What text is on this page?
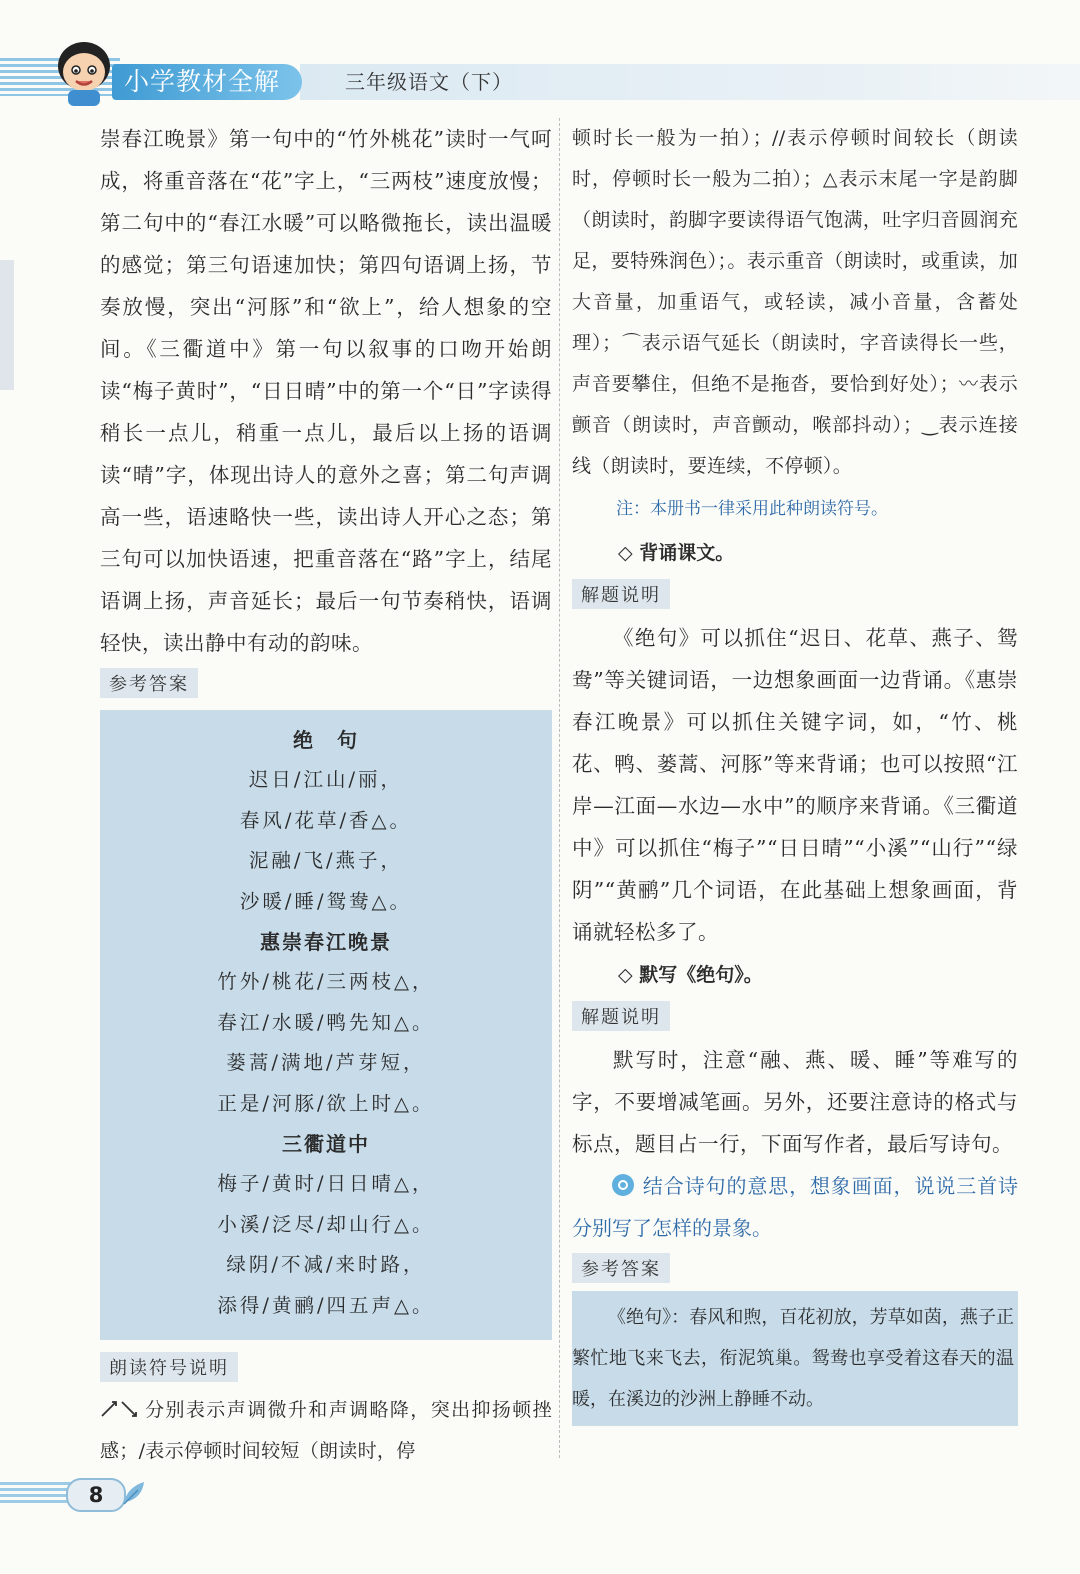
小学教材全解	三年级语文（下）

崇春江晚景》第一句中的“竹外桃花”读时一气呵成，将重音落在“花”字上，“三两枝”速度放慢；第二句中的“春江水暖”可以略微拖长，读出温暖的感觉；第三句语速加快；第四句语调上扬，节奏放慢，突出“河豚”和“欲上”，给人想象的空间。《三衢道中》第一句以叙事的口吻开始朗读“梅子黄时”，“日日晴”中的第一个“日”字读得稍长一点儿，稍重一点儿，最后以上扬的语调读“晴”字，体现出诗人的意外之喜；第二句声调高一些，语速略快一些，读出诗人开心之态；第三句可以加快语速，把重音落在“路”字上，结尾语调上扬，声音延长；最后一句节奏稍快，语调轻快，读出静中有动的韵味。

参考答案
绝　句
迟日/江山/丽，
春风/花草/香△。
泥融/飞/燕子，
沙暖/睡/鸳鸯△。
惠崇春江晚景
竹外/桃花/三两枝△，
春江/水暖/鸭先知△。
蒌蒿/满地/芦芽短，
正是/河豚/欲上时△。
三衢道中
梅子/黄时/日日晴△，
小溪/泛尽/却山行△。
绿阴/不减/来时路，
添得/黄鹂/四五声△。
朗读符号说明

分别表示声调微升和声调略降，突出抑扬顿挫感；/表示停顿时间较短（朗读时，停

顿时长一般为一拍）；//表示停顿时间较长（朗读时，停顿时长一般为二拍）；△表示末尾一字是韵脚（朗读时，韵脚字要读得语气饱满，吐字归音圆润充足，要特殊润色）；。表示重音（朗读时，或重读，加大音量，加重语气，或轻读，减小音量，含蓄处理）；⌒表示语气延长（朗读时，字音读得长一些，声音要攀住，但绝不是拖沓，要恰到好处）；〰表示颤音（朗读时，声音颤动，喉部抖动）；‿表示连接线（朗读时，要连续，不停顿）。

注：本册书一律采用此种朗读符号。
◇ 背诵课文。
解题说明

《绝句》可以抓住“迟日、花草、燕子、鸳鸯”等关键词语，一边想象画面一边背诵。《惠崇春江晚景》可以抓住关键字词，如，“竹、桃花、鸭、蒌蒿、河豚”等来背诵；也可以按照“江岸—江面—水边—水中”的顺序来背诵。《三衢道中》可以抓住“梅子”“日日晴”“小溪”“山行”“绿阴”“黄鹂”几个词语，在此基础上想象画面，背诵就轻松多了。

◇ 默写《绝句》。
解题说明

默写时，注意“融、燕、暖、睡”等难写的字，不要增减笔画。另外，还要注意诗的格式与标点，题目占一行，下面写作者，最后写诗句。

结合诗句的意思，想象画面，说说三首诗分别写了怎样的景象。

参考答案

《绝句》：春风和煦，百花初放，芳草如茵，燕子正繁忙地飞来飞去，衔泥筑巢。鸳鸯也享受着这春天的温暖，在溪边的沙洲上静睡不动。

8
